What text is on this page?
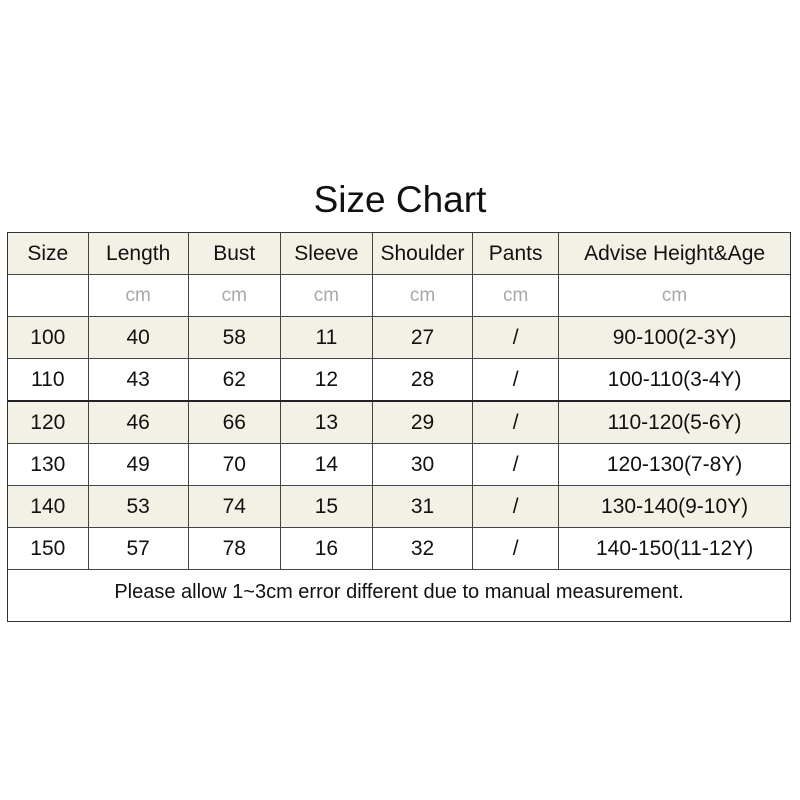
Size Chart
Size	Length	Bust	Sleeve	Shoulder	Pants	Advise Height&Age
	cm	cm	cm	cm	cm	cm
100	40	58	11	27	/	90-100(2-3Y)
110	43	62	12	28	/	100-110(3-4Y)
120	46	66	13	29	/	110-120(5-6Y)
130	49	70	14	30	/	120-130(7-8Y)
140	53	74	15	31	/	130-140(9-10Y)
150	57	78	16	32	/	140-150(11-12Y)
Please allow 1~3cm error different due to manual measurement.
